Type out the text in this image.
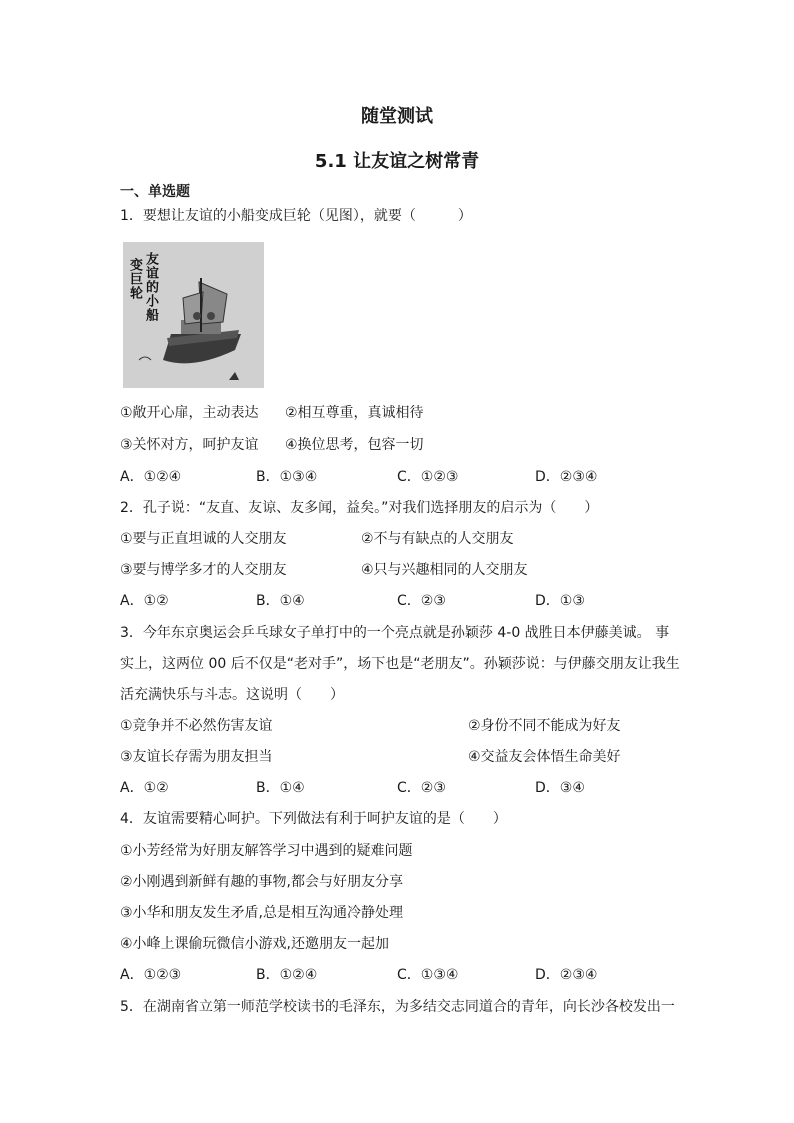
随堂测试
5.1 让友谊之树常青
一、单选题
1．要想让友谊的小船变成巨轮（见图），就要（　　　）
友谊的小船
变巨轮
①敞开心扉，主动表达 ②相互尊重，真诚相待
③关怀对方，呵护友谊 ④换位思考，包容一切
A．①②④	B．①③④	C．①②③	D．②③④
2．孔子说：“友直、友谅、友多闻，益矣。”对我们选择朋友的启示为（　　）
①要与正直坦诚的人交朋友	②不与有缺点的人交朋友
③要与博学多才的人交朋友	④只与兴趣相同的人交朋友
A．①②	B．①④	C．②③	D．①③
3．今年东京奥运会乒乓球女子单打中的一个亮点就是孙颖莎 4-0 战胜日本伊藤美诚。 事
实上，这两位 00 后不仅是“老对手”，场下也是“老朋友”。孙颖莎说：与伊藤交朋友让我生
活充满快乐与斗志。这说明（　　）
①竞争并不必然伤害友谊	②身份不同不能成为好友
③友谊长存需为朋友担当	④交益友会体悟生命美好
A．①②	B．①④	C．②③	D．③④
4．友谊需要精心呵护。下列做法有利于呵护友谊的是（　　）
①小芳经常为好朋友解答学习中遇到的疑难问题
②小刚遇到新鲜有趣的事物,都会与好朋友分享
③小华和朋友发生矛盾,总是相互沟通冷静处理
④小峰上课偷玩微信小游戏,还邀朋友一起加
A．①②③	B．①②④	C．①③④	D．②③④
5．在湖南省立第一师范学校读书的毛泽东，为多结交志同道合的青年，向长沙各校发出一
